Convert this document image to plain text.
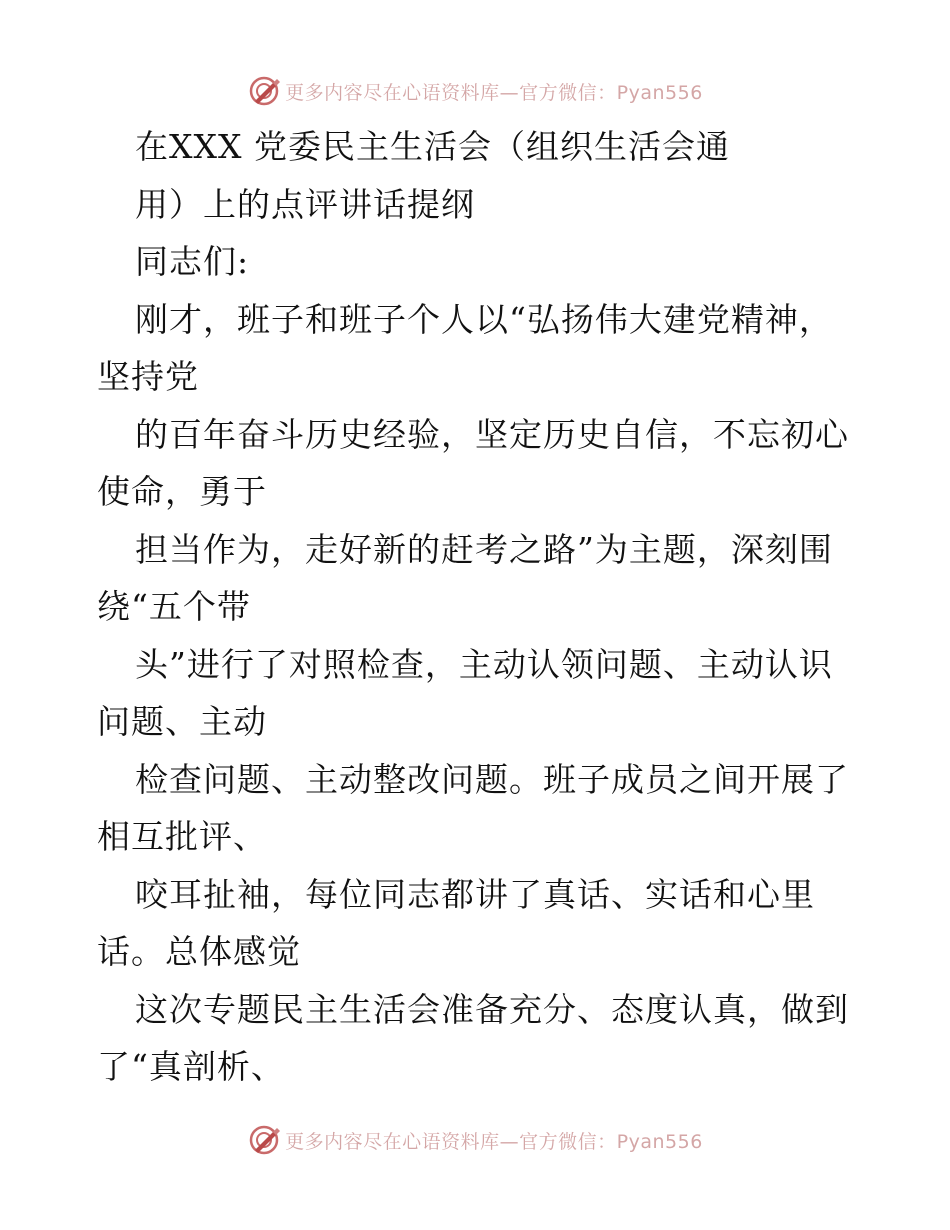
更多内容尽在心语资料库—官方微信：Pyan556
在XXX 党委民主生活会（组织生活会通
用）上的点评讲话提纲
同志们:
刚才，班子和班子个人以“弘扬伟大建党精神，
坚持党
的百年奋斗历史经验，坚定历史自信，不忘初心
使命，勇于
担当作为，走好新的赶考之路”为主题，深刻围
绕“五个带
头”进行了对照检查，主动认领问题、主动认识
问题、主动
检查问题、主动整改问题。班子成员之间开展了
相互批评、
咬耳扯袖，每位同志都讲了真话、实话和心里
话。总体感觉
这次专题民主生活会准备充分、态度认真，做到
了“真剖析、
更多内容尽在心语资料库—官方微信：Pyan556
